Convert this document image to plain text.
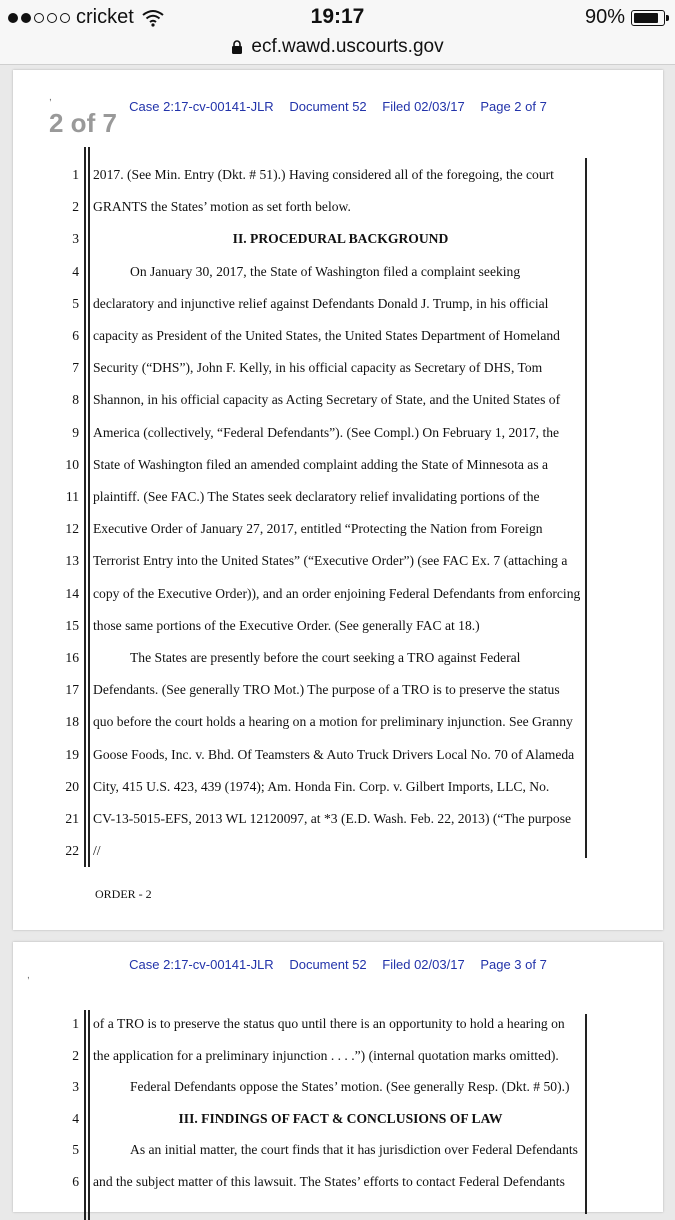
cricket	19:17	90%
ecf.wawd.uscourts.gov
Case 2:17-cv-00141-JLR Document 52 Filed 02/03/17 Page 2 of 7
2 of 7
,
1 2017. (See Min. Entry (Dkt. # 51).) Having considered all of the foregoing, the court
2 GRANTS the States’ motion as set forth below.
3	II. PROCEDURAL BACKGROUND
4	On January 30, 2017, the State of Washington filed a complaint seeking
5 declaratory and injunctive relief against Defendants Donald J. Trump, in his official
6 capacity as President of the United States, the United States Department of Homeland
7 Security (“DHS”), John F. Kelly, in his official capacity as Secretary of DHS, Tom
8 Shannon, in his official capacity as Acting Secretary of State, and the United States of
9 America (collectively, “Federal Defendants”). (See Compl.) On February 1, 2017, the
10 State of Washington filed an amended complaint adding the State of Minnesota as a
11 plaintiff. (See FAC.) The States seek declaratory relief invalidating portions of the
12 Executive Order of January 27, 2017, entitled “Protecting the Nation from Foreign
13 Terrorist Entry into the United States” (“Executive Order”) (see FAC Ex. 7 (attaching a
14 copy of the Executive Order)), and an order enjoining Federal Defendants from enforcing
15 those same portions of the Executive Order. (See generally FAC at 18.)
16	The States are presently before the court seeking a TRO against Federal
17 Defendants. (See generally TRO Mot.) The purpose of a TRO is to preserve the status
18 quo before the court holds a hearing on a motion for preliminary injunction. See Granny
19 Goose Foods, Inc. v. Bhd. Of Teamsters & Auto Truck Drivers Local No. 70 of Alameda
20 City, 415 U.S. 423, 439 (1974); Am. Honda Fin. Corp. v. Gilbert Imports, LLC, No.
21 CV-13-5015-EFS, 2013 WL 12120097, at *3 (E.D. Wash. Feb. 22, 2013) (“The purpose
22 //
ORDER - 2
Case 2:17-cv-00141-JLR Document 52 Filed 02/03/17 Page 3 of 7
,
1 of a TRO is to preserve the status quo until there is an opportunity to hold a hearing on
2 the application for a preliminary injunction . . . .”) (internal quotation marks omitted).
3	Federal Defendants oppose the States’ motion. (See generally Resp. (Dkt. # 50).)
4	III. FINDINGS OF FACT & CONCLUSIONS OF LAW
5	As an initial matter, the court finds that it has jurisdiction over Federal Defendants
6 and the subject matter of this lawsuit. The States’ efforts to contact Federal Defendants
